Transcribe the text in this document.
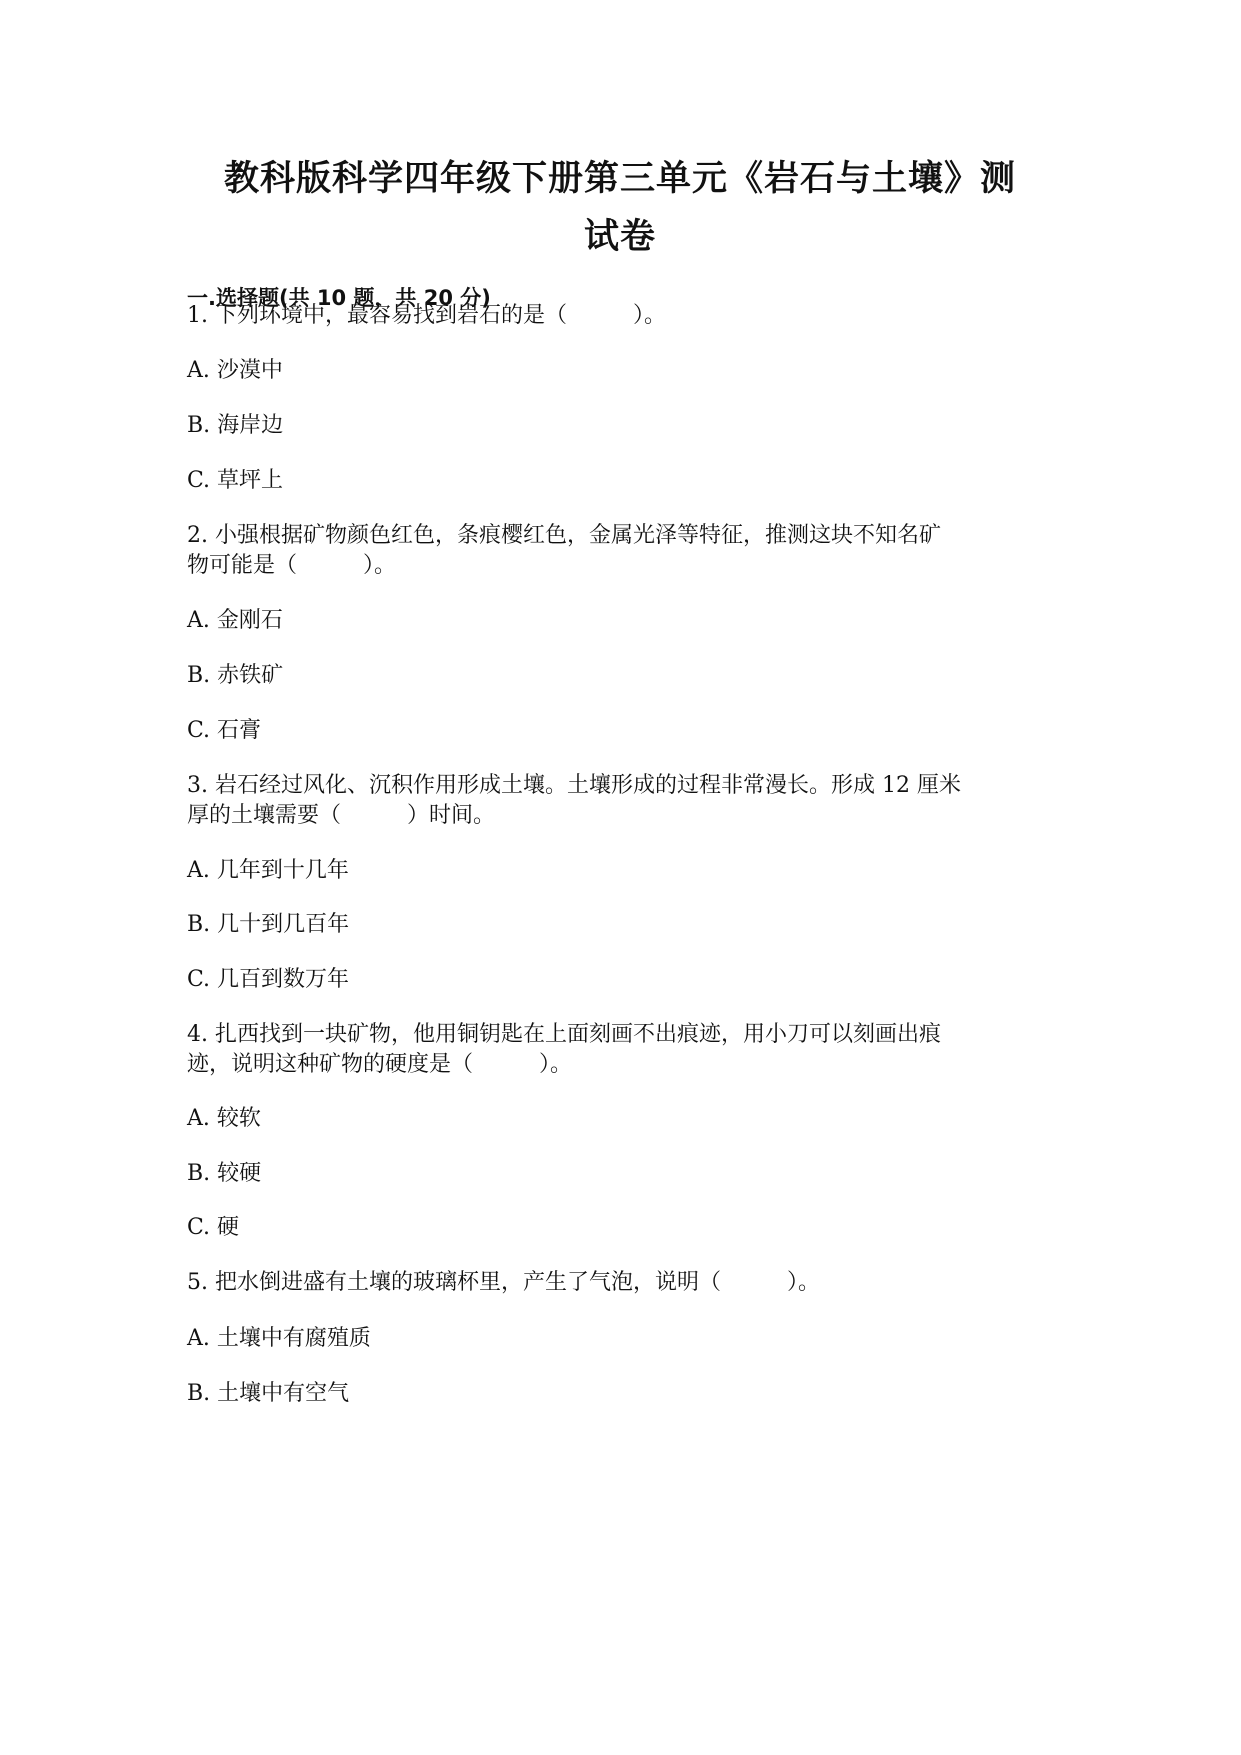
教科版科学四年级下册第三单元《岩石与土壤》测
试卷
一.选择题(共 10 题，共 20 分)
1. 下列环境中，最容易找到岩石的是（　　　）。
A. 沙漠中
B. 海岸边
C. 草坪上
2. 小强根据矿物颜色红色，条痕樱红色，金属光泽等特征，推测这块不知名矿
物可能是（　　　）。
A. 金刚石
B. 赤铁矿
C. 石膏
3. 岩石经过风化、沉积作用形成土壤。土壤形成的过程非常漫长。形成 12 厘米
厚的土壤需要（　　　）时间。
A. 几年到十几年
B. 几十到几百年
C. 几百到数万年
4. 扎西找到一块矿物，他用铜钥匙在上面刻画不出痕迹，用小刀可以刻画出痕
迹，说明这种矿物的硬度是（　　　）。
A. 较软
B. 较硬
C. 硬
5. 把水倒进盛有土壤的玻璃杯里，产生了气泡，说明（　　　）。
A. 土壤中有腐殖质
B. 土壤中有空气
